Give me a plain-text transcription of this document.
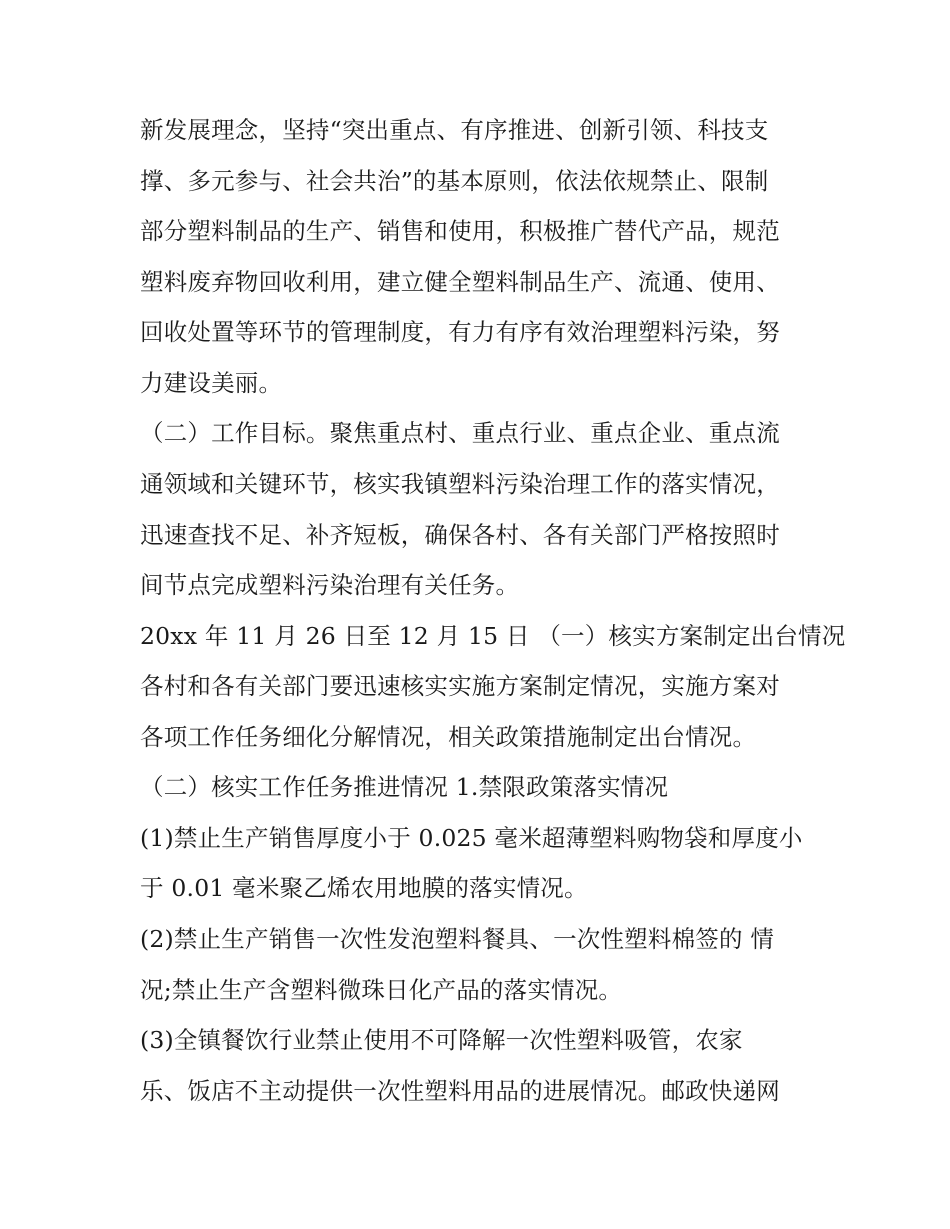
新发展理念，坚持“突出重点、有序推进、创新引领、科技支
撑、多元参与、社会共治”的基本原则，依法依规禁止、限制
部分塑料制品的生产、销售和使用，积极推广替代产品，规范
塑料废弃物回收利用，建立健全塑料制品生产、流通、使用、
回收处置等环节的管理制度，有力有序有效治理塑料污染，努
力建设美丽。
（二）工作目标。聚焦重点村、重点行业、重点企业、重点流
通领域和关键环节，核实我镇塑料污染治理工作的落实情况，
迅速查找不足、补齐短板，确保各村、各有关部门严格按照时
间节点完成塑料污染治理有关任务。
20xx 年 11 月 26 日至 12 月 15 日 （一）核实方案制定出台情况
各村和各有关部门要迅速核实实施方案制定情况，实施方案对
各项工作任务细化分解情况，相关政策措施制定出台情况。
（二）核实工作任务推进情况 1.禁限政策落实情况
(1)禁止生产销售厚度小于 0.025 毫米超薄塑料购物袋和厚度小
于 0.01 毫米聚乙烯农用地膜的落实情况。
(2)禁止生产销售一次性发泡塑料餐具、一次性塑料棉签的 情
况;禁止生产含塑料微珠日化产品的落实情况。
(3)全镇餐饮行业禁止使用不可降解一次性塑料吸管，农家
乐、饭店不主动提供一次性塑料用品的进展情况。邮政快递网
